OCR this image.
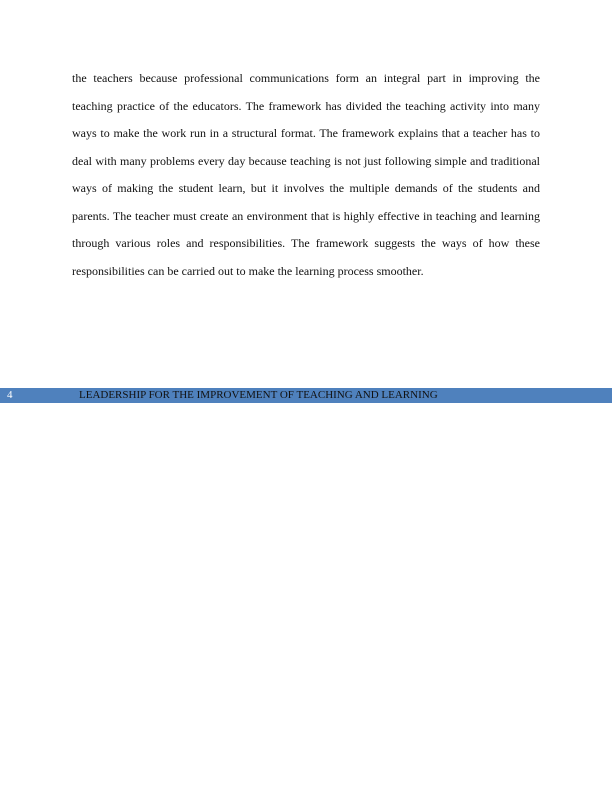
the teachers because professional communications form an integral part in improving the teaching practice of the educators. The framework has divided the teaching activity into many ways to make the work run in a structural format. The framework explains that a teacher has to deal with many problems every day because teaching is not just following simple and traditional ways of making the student learn, but it involves the multiple demands of the students and parents. The teacher must create an environment that is highly effective in teaching and learning through various roles and responsibilities. The framework suggests the ways of how these responsibilities can be carried out to make the learning process smoother.

4	LEADERSHIP FOR THE IMPROVEMENT OF TEACHING AND LEARNING
